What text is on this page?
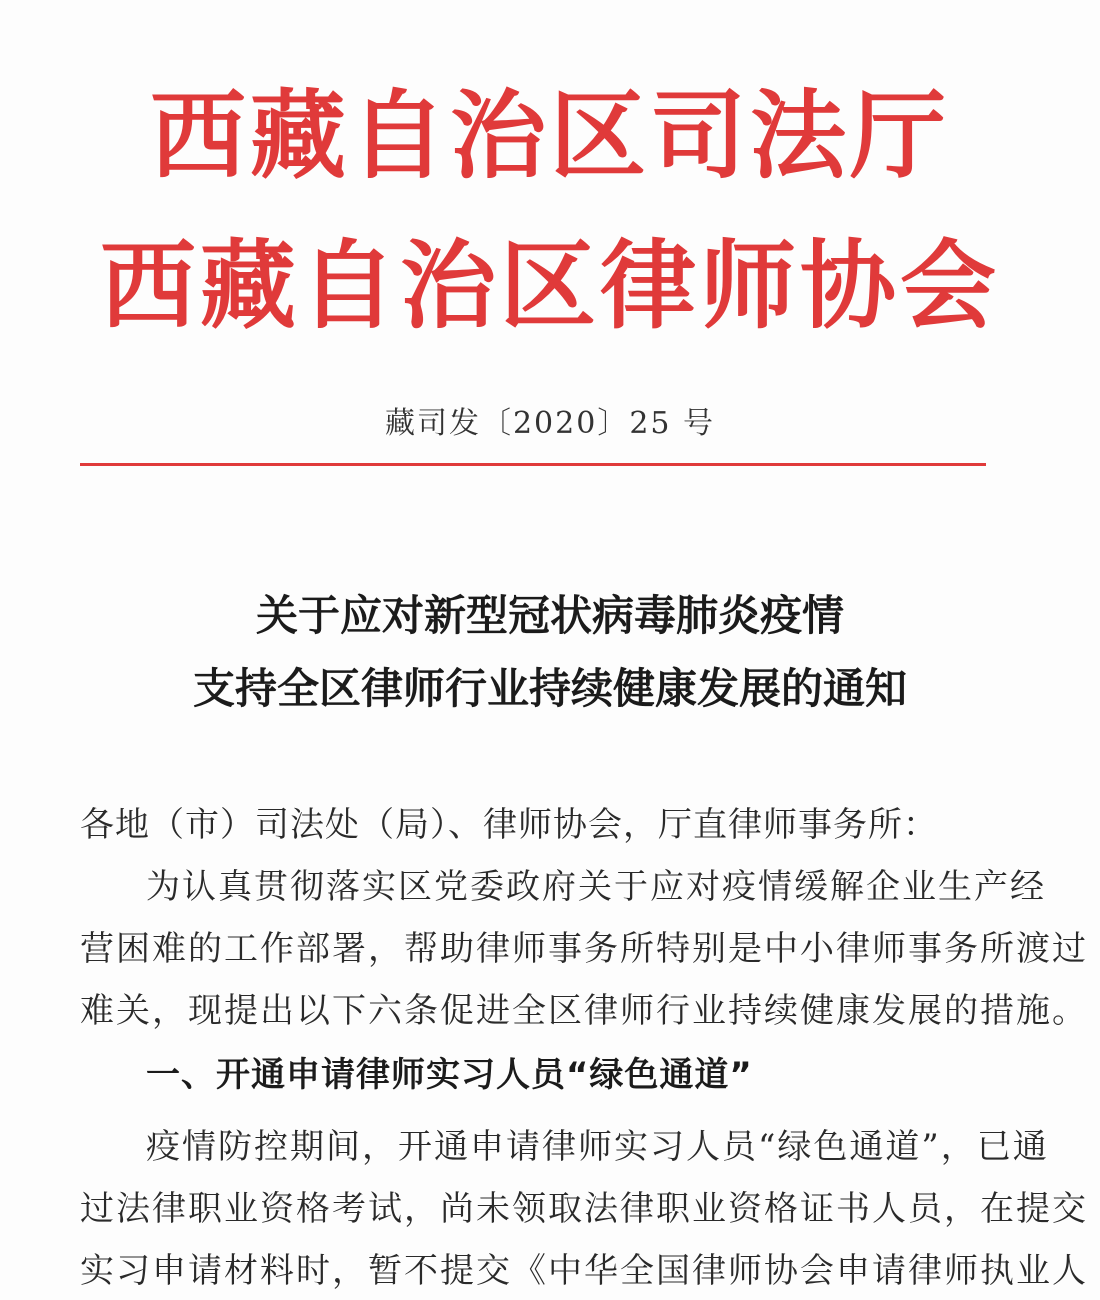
西藏自治区司法厅
西藏自治区律师协会
藏司发〔2020〕25 号
关于应对新型冠状病毒肺炎疫情
支持全区律师行业持续健康发展的通知
各地（市）司法处（局）、律师协会，厅直律师事务所：
为认真贯彻落实区党委政府关于应对疫情缓解企业生产经
营困难的工作部署，帮助律师事务所特别是中小律师事务所渡过
难关，现提出以下六条促进全区律师行业持续健康发展的措施。
一、开通申请律师实习人员“绿色通道”
疫情防控期间，开通申请律师实习人员“绿色通道”，已通
过法律职业资格考试，尚未领取法律职业资格证书人员，在提交
实习申请材料时，暂不提交《中华全国律师协会申请律师执业人
